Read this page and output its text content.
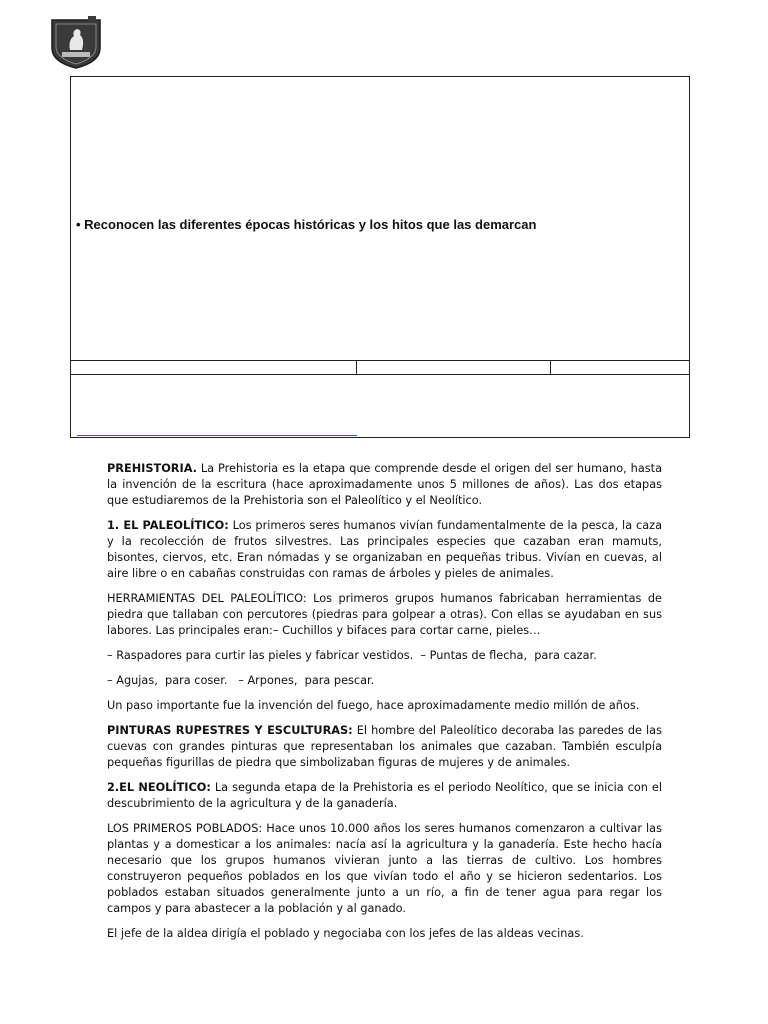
• Reconocen las diferentes épocas históricas y los hitos que las demarcan

PREHISTORIA. La Prehistoria es la etapa que comprende desde el origen del ser humano, hasta la invención de la escritura (hace aproximadamente unos 5 millones de años). Las dos etapas que estudiaremos de la Prehistoria son el Paleolítico y el Neolítico.

1. EL PALEOLÍTICO: Los primeros seres humanos vivían fundamentalmente de la pesca, la caza y la recolección de frutos silvestres. Las principales especies que cazaban eran mamuts, bisontes, ciervos, etc. Eran nómadas y se organizaban en pequeñas tribus. Vivían en cuevas, al aire libre o en cabañas construidas con ramas de árboles y pieles de animales.

HERRAMIENTAS DEL PALEOLÍTICO: Los primeros grupos humanos fabricaban herramientas de piedra que tallaban con percutores (piedras para golpear a otras). Con ellas se ayudaban en sus labores. Las principales eran:– Cuchillos y bifaces para cortar carne, pieles…

– Raspadores para curtir las pieles y fabricar vestidos.  – Puntas de flecha,  para cazar.

– Agujas,  para coser.   – Arpones,  para pescar.

Un paso importante fue la invención del fuego, hace aproximadamente medio millón de años.

PINTURAS RUPESTRES Y ESCULTURAS: El hombre del Paleolítico decoraba las paredes de las cuevas con grandes pinturas que representaban los animales que cazaban. También esculpía pequeñas figurillas de piedra que simbolizaban figuras de mujeres y de animales.

2.EL NEOLÍTICO: La segunda etapa de la Prehistoria es el periodo Neolítico, que se inicia con el descubrimiento de la agricultura y de la ganadería.

LOS PRIMEROS POBLADOS: Hace unos 10.000 años los seres humanos comenzaron a cultivar las plantas y a domesticar a los animales: nacía así la agricultura y la ganadería. Este hecho hacía necesario que los grupos humanos vivieran junto a las tierras de cultivo. Los hombres construyeron pequeños poblados en los que vivían todo el año y se hicieron sedentarios. Los poblados estaban situados generalmente junto a un río, a fin de tener agua para regar los campos y para abastecer a la población y al ganado.

El jefe de la aldea dirigía el poblado y negociaba con los jefes de las aldeas vecinas.
